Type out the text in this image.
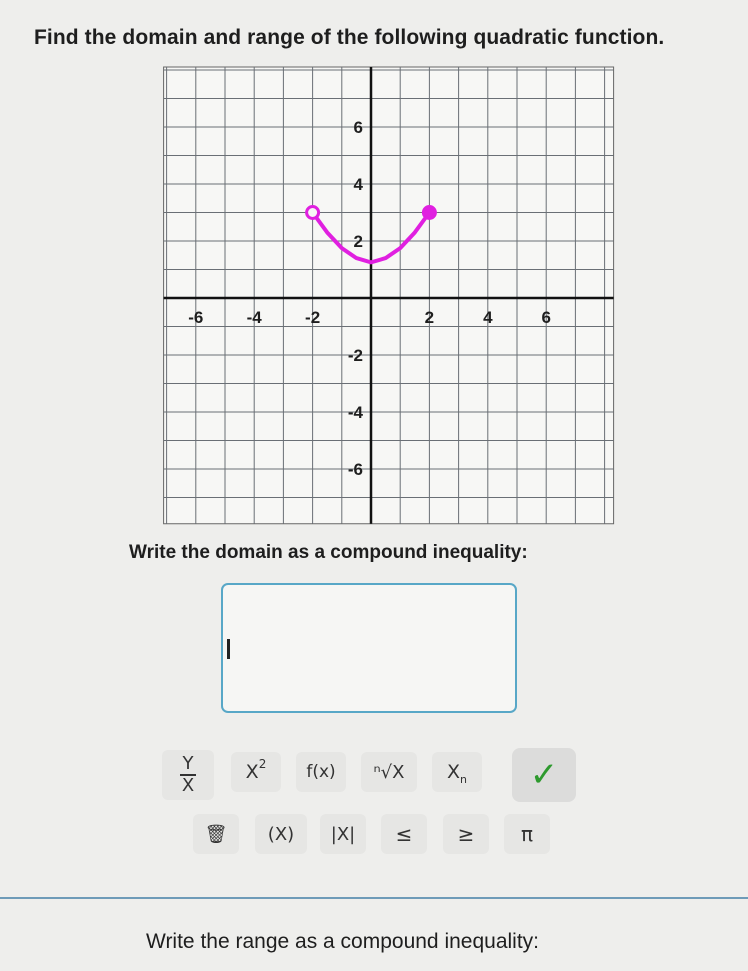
Find the domain and range of the following quadratic function.
-6	-4	-2	2	4	6
6
4
2
-2
-4
-6
Write the domain as a compound inequality:
$\frac{Y}{X}$	X 2 f(x) ⁿ√X X n ✓
🗑 (X) |X| ≤ ≥ π
Write the range as a compound inequality:
